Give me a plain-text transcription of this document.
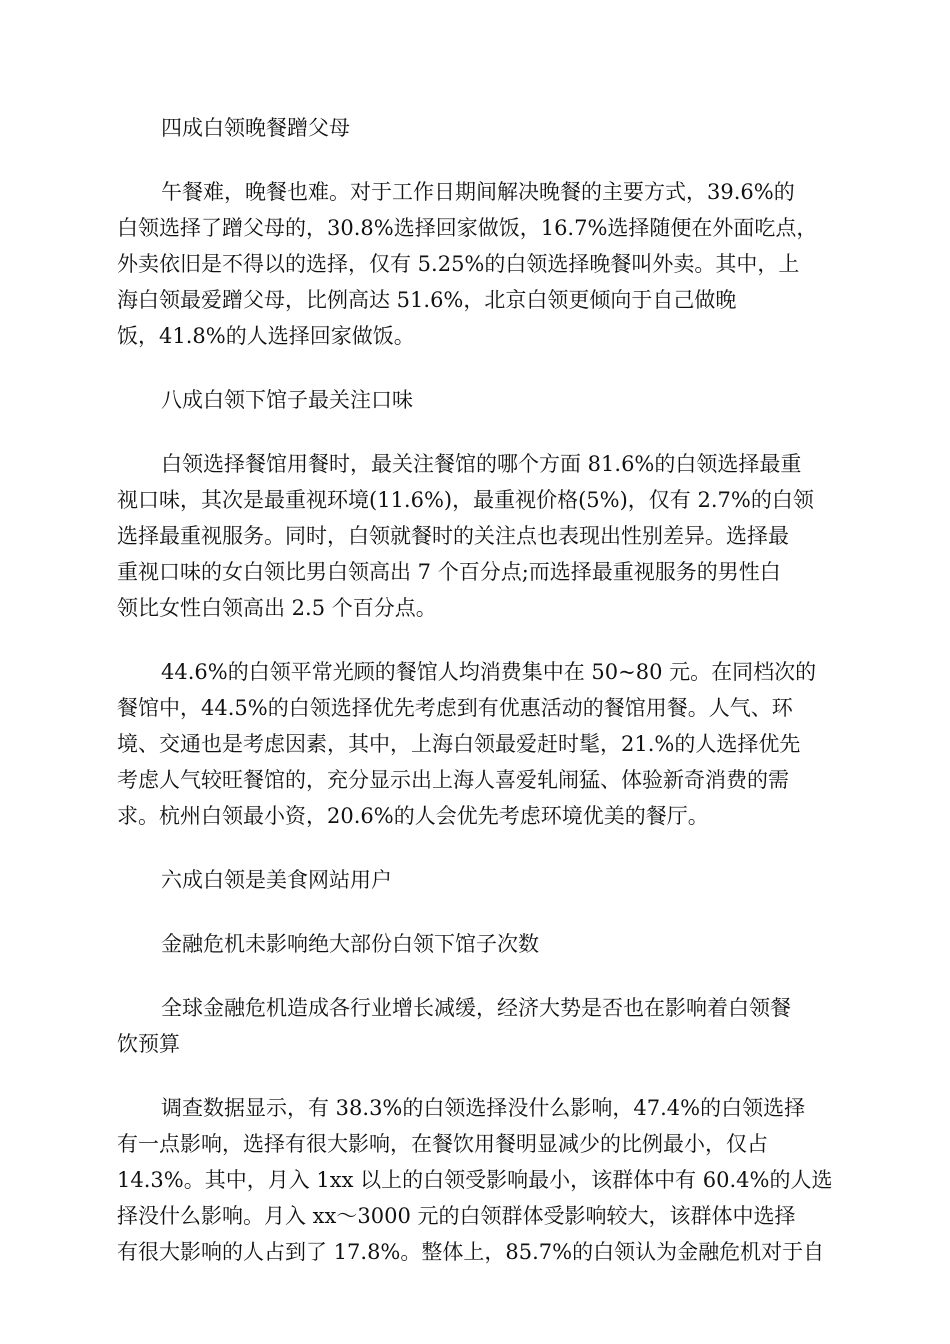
四成白领晚餐蹭父母

午餐难，晚餐也难。对于工作日期间解决晚餐的主要方式，39.6%的

白领选择了蹭父母的，30.8%选择回家做饭，16.7%选择随便在外面吃点，

外卖依旧是不得以的选择，仅有 5.25%的白领选择晚餐叫外卖。其中，上

海白领最爱蹭父母，比例高达 51.6%，北京白领更倾向于自己做晚

饭，41.8%的人选择回家做饭。

八成白领下馆子最关注口味

白领选择餐馆用餐时，最关注餐馆的哪个方面 81.6%的白领选择最重

视口味，其次是最重视环境(11.6%)，最重视价格(5%)，仅有 2.7%的白领

选择最重视服务。同时，白领就餐时的关注点也表现出性别差异。选择最

重视口味的女白领比男白领高出 7 个百分点;而选择最重视服务的男性白

领比女性白领高出 2.5 个百分点。

44.6%的白领平常光顾的餐馆人均消费集中在 50~80 元。在同档次的

餐馆中，44.5%的白领选择优先考虑到有优惠活动的餐馆用餐。人气、环

境、交通也是考虑因素，其中，上海白领最爱赶时髦，21.%的人选择优先

考虑人气较旺餐馆的，充分显示出上海人喜爱轧闹猛、体验新奇消费的需

求。杭州白领最小资，20.6%的人会优先考虑环境优美的餐厅。

六成白领是美食网站用户

金融危机未影响绝大部份白领下馆子次数

全球金融危机造成各行业增长减缓，经济大势是否也在影响着白领餐

饮预算

调查数据显示，有 38.3%的白领选择没什么影响，47.4%的白领选择

有一点影响，选择有很大影响，在餐饮用餐明显减少的比例最小，仅占

14.3%。其中，月入 1xx 以上的白领受影响最小，该群体中有 60.4%的人选

择没什么影响。月入 xx～3000 元的白领群体受影响较大，该群体中选择

有很大影响的人占到了 17.8%。整体上，85.7%的白领认为金融危机对于自
